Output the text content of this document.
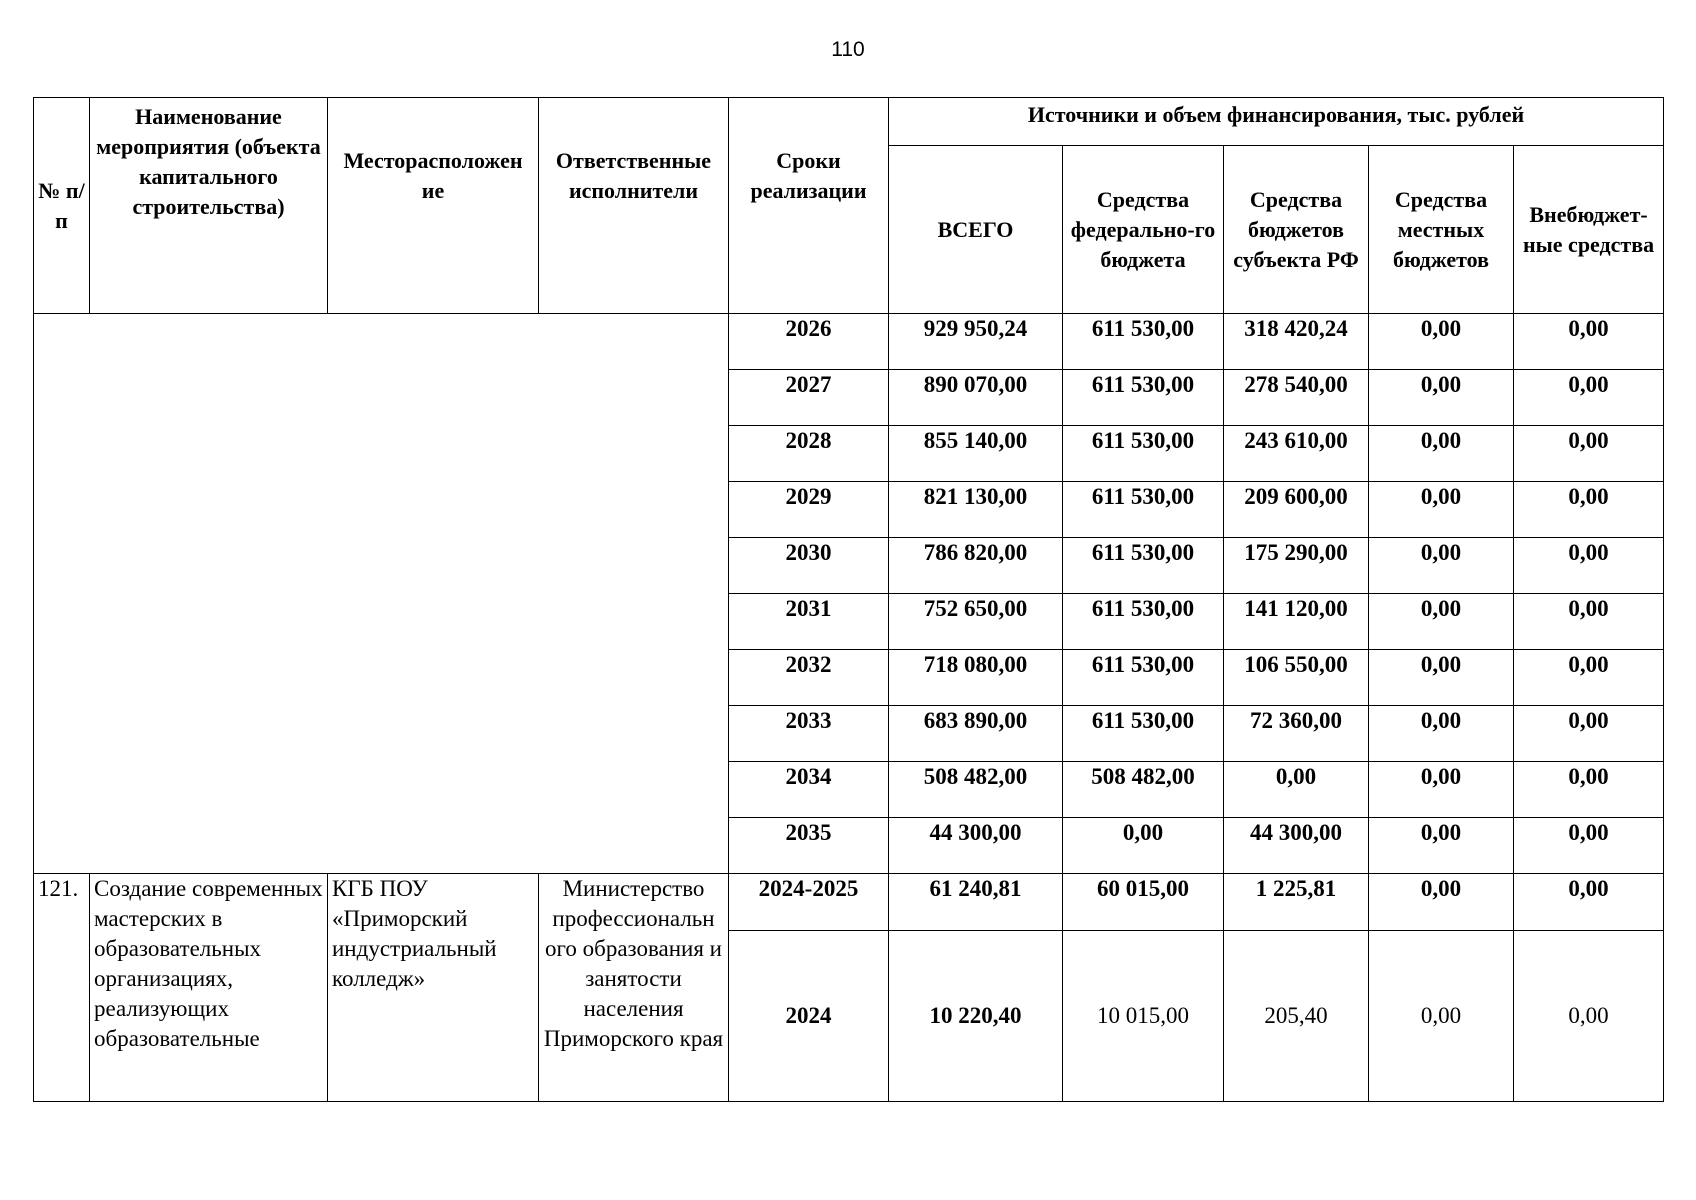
110
№ п/п	Наименование мероприятия (объекта капитального строительства)	Месторасположен ие	Ответственные исполнители	Сроки реализации	Источники и объем финансирования, тыс. рублей				
					ВСЕГО	Средства федерально-го бюджета	Средства бюджетов субъекта РФ	Средства местных бюджетов	Внебюджет-ные средства
				2026	929 950,24	611 530,00	318 420,24	0,00	0,00
				2027	890 070,00	611 530,00	278 540,00	0,00	0,00
				2028	855 140,00	611 530,00	243 610,00	0,00	0,00
				2029	821 130,00	611 530,00	209 600,00	0,00	0,00
				2030	786 820,00	611 530,00	175 290,00	0,00	0,00
				2031	752 650,00	611 530,00	141 120,00	0,00	0,00
				2032	718 080,00	611 530,00	106 550,00	0,00	0,00
				2033	683 890,00	611 530,00	72 360,00	0,00	0,00
				2034	508 482,00	508 482,00	0,00	0,00	0,00
				2035	44 300,00	0,00	44 300,00	0,00	0,00
121.	Создание современных мастерских в образовательных организациях, реализующих образовательные	КГБ ПОУ «Приморский индустриальный колледж»	Министерство профессиональн ого образования и занятости населения Приморского края	2024-2025	61 240,81	60 015,00	1 225,81	0,00	0,00
				2024	10 220,40	10 015,00	205,40	0,00	0,00
